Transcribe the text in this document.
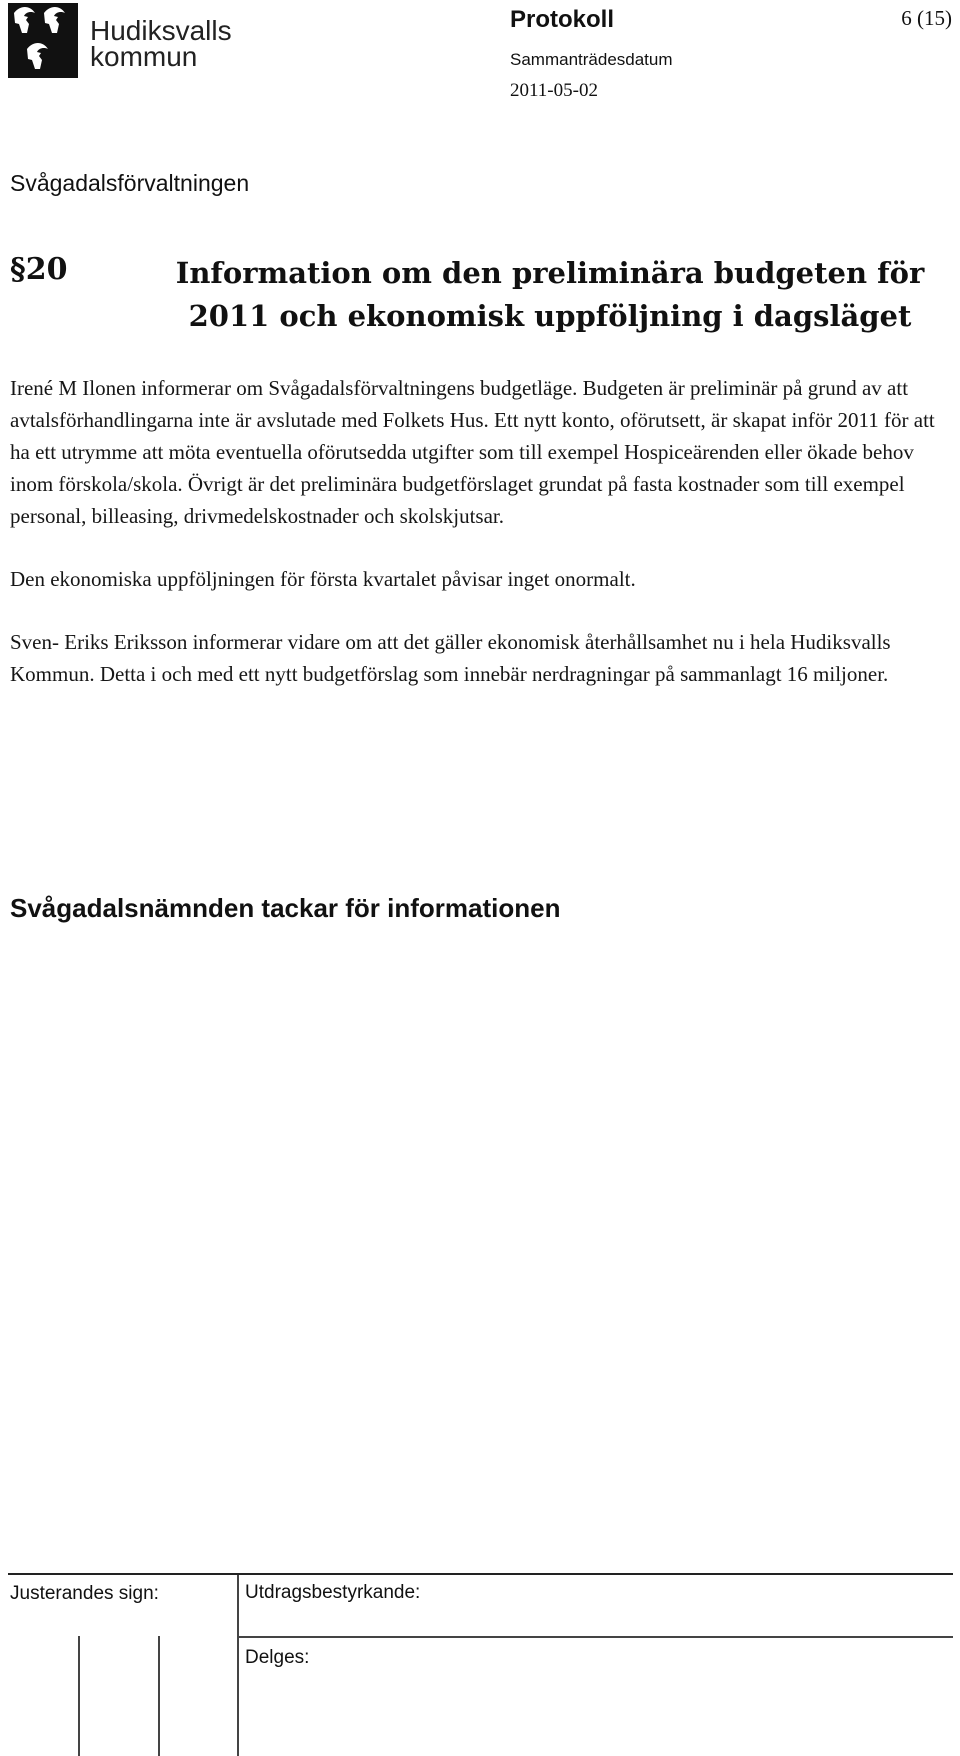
Hudiksvalls
kommun
Protokoll	6 (15)
Sammanträdesdatum
2011-05-02
Svågadalsförvaltningen
§20	Information om den preliminära budgeten för
2011 och ekonomisk uppföljning i dagsläget

Irené M Ilonen informerar om Svågadalsförvaltningens budgetläge. Budgeten är preliminär på grund av att avtalsförhandlingarna inte är avslutade med Folkets Hus. Ett nytt konto, oförutsett, är skapat inför 2011 för att ha ett utrymme att möta eventuella oförutsedda utgifter som till exempel Hospiceärenden eller ökade behov inom förskola/skola. Övrigt är det preliminära budgetförslaget grundat på fasta kostnader som till exempel personal, billeasing, drivmedelskostnader och skolskjutsar.

Den ekonomiska uppföljningen för första kvartalet påvisar inget onormalt.

Sven- Eriks Eriksson informerar vidare om att det gäller ekonomisk återhållsamhet nu i hela Hudiksvalls Kommun. Detta i och med ett nytt budgetförslag som innebär nerdragningar på sammanlagt 16 miljoner.

Svågadalsnämnden tackar för informationen
Justerandes sign:	Utdragsbestyrkande:
Delges:
